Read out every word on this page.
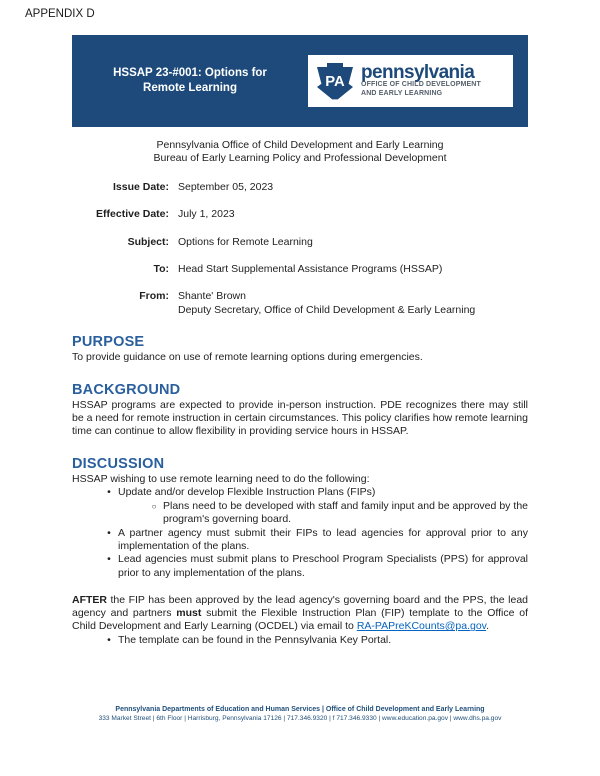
APPENDIX D
HSSAP 23-#001: Options for
Remote Learning	PA pennsylvania
OFFICE OF CHILD DEVELOPMENT
AND EARLY LEARNING
Pennsylvania Office of Child Development and Early Learning
Bureau of Early Learning Policy and Professional Development
Issue Date: September 05, 2023
Effective Date: July 1, 2023
Subject: Options for Remote Learning
To: Head Start Supplemental Assistance Programs (HSSAP)
From: Shante' Brown
Deputy Secretary, Office of Child Development & Early Learning
PURPOSE
To provide guidance on use of remote learning options during emergencies.
BACKGROUND
HSSAP programs are expected to provide in-person instruction. PDE recognizes there may still be a need for remote instruction in certain circumstances. This policy clarifies how remote learning time can continue to allow flexibility in providing service hours in HSSAP.
DISCUSSION
HSSAP wishing to use remote learning need to do the following:
• Update and/or develop Flexible Instruction Plans (FIPs)
○ Plans need to be developed with staff and family input and be approved by the program's governing board.
• A partner agency must submit their FIPs to lead agencies for approval prior to any implementation of the plans.
• Lead agencies must submit plans to Preschool Program Specialists (PPS) for approval prior to any implementation of the plans.
AFTER the FIP has been approved by the lead agency's governing board and the PPS, the lead agency and partners must submit the Flexible Instruction Plan (FIP) template to the Office of Child Development and Early Learning (OCDEL) via email to RA-PAPreKCounts@pa.gov.
• The template can be found in the Pennsylvania Key Portal.
Pennsylvania Departments of Education and Human Services | Office of Child Development and Early Learning
333 Market Street | 6th Floor | Harrisburg, Pennsylvania 17126 | 717.346.9320 | f 717.346.9330 | www.education.pa.gov | www.dhs.pa.gov
